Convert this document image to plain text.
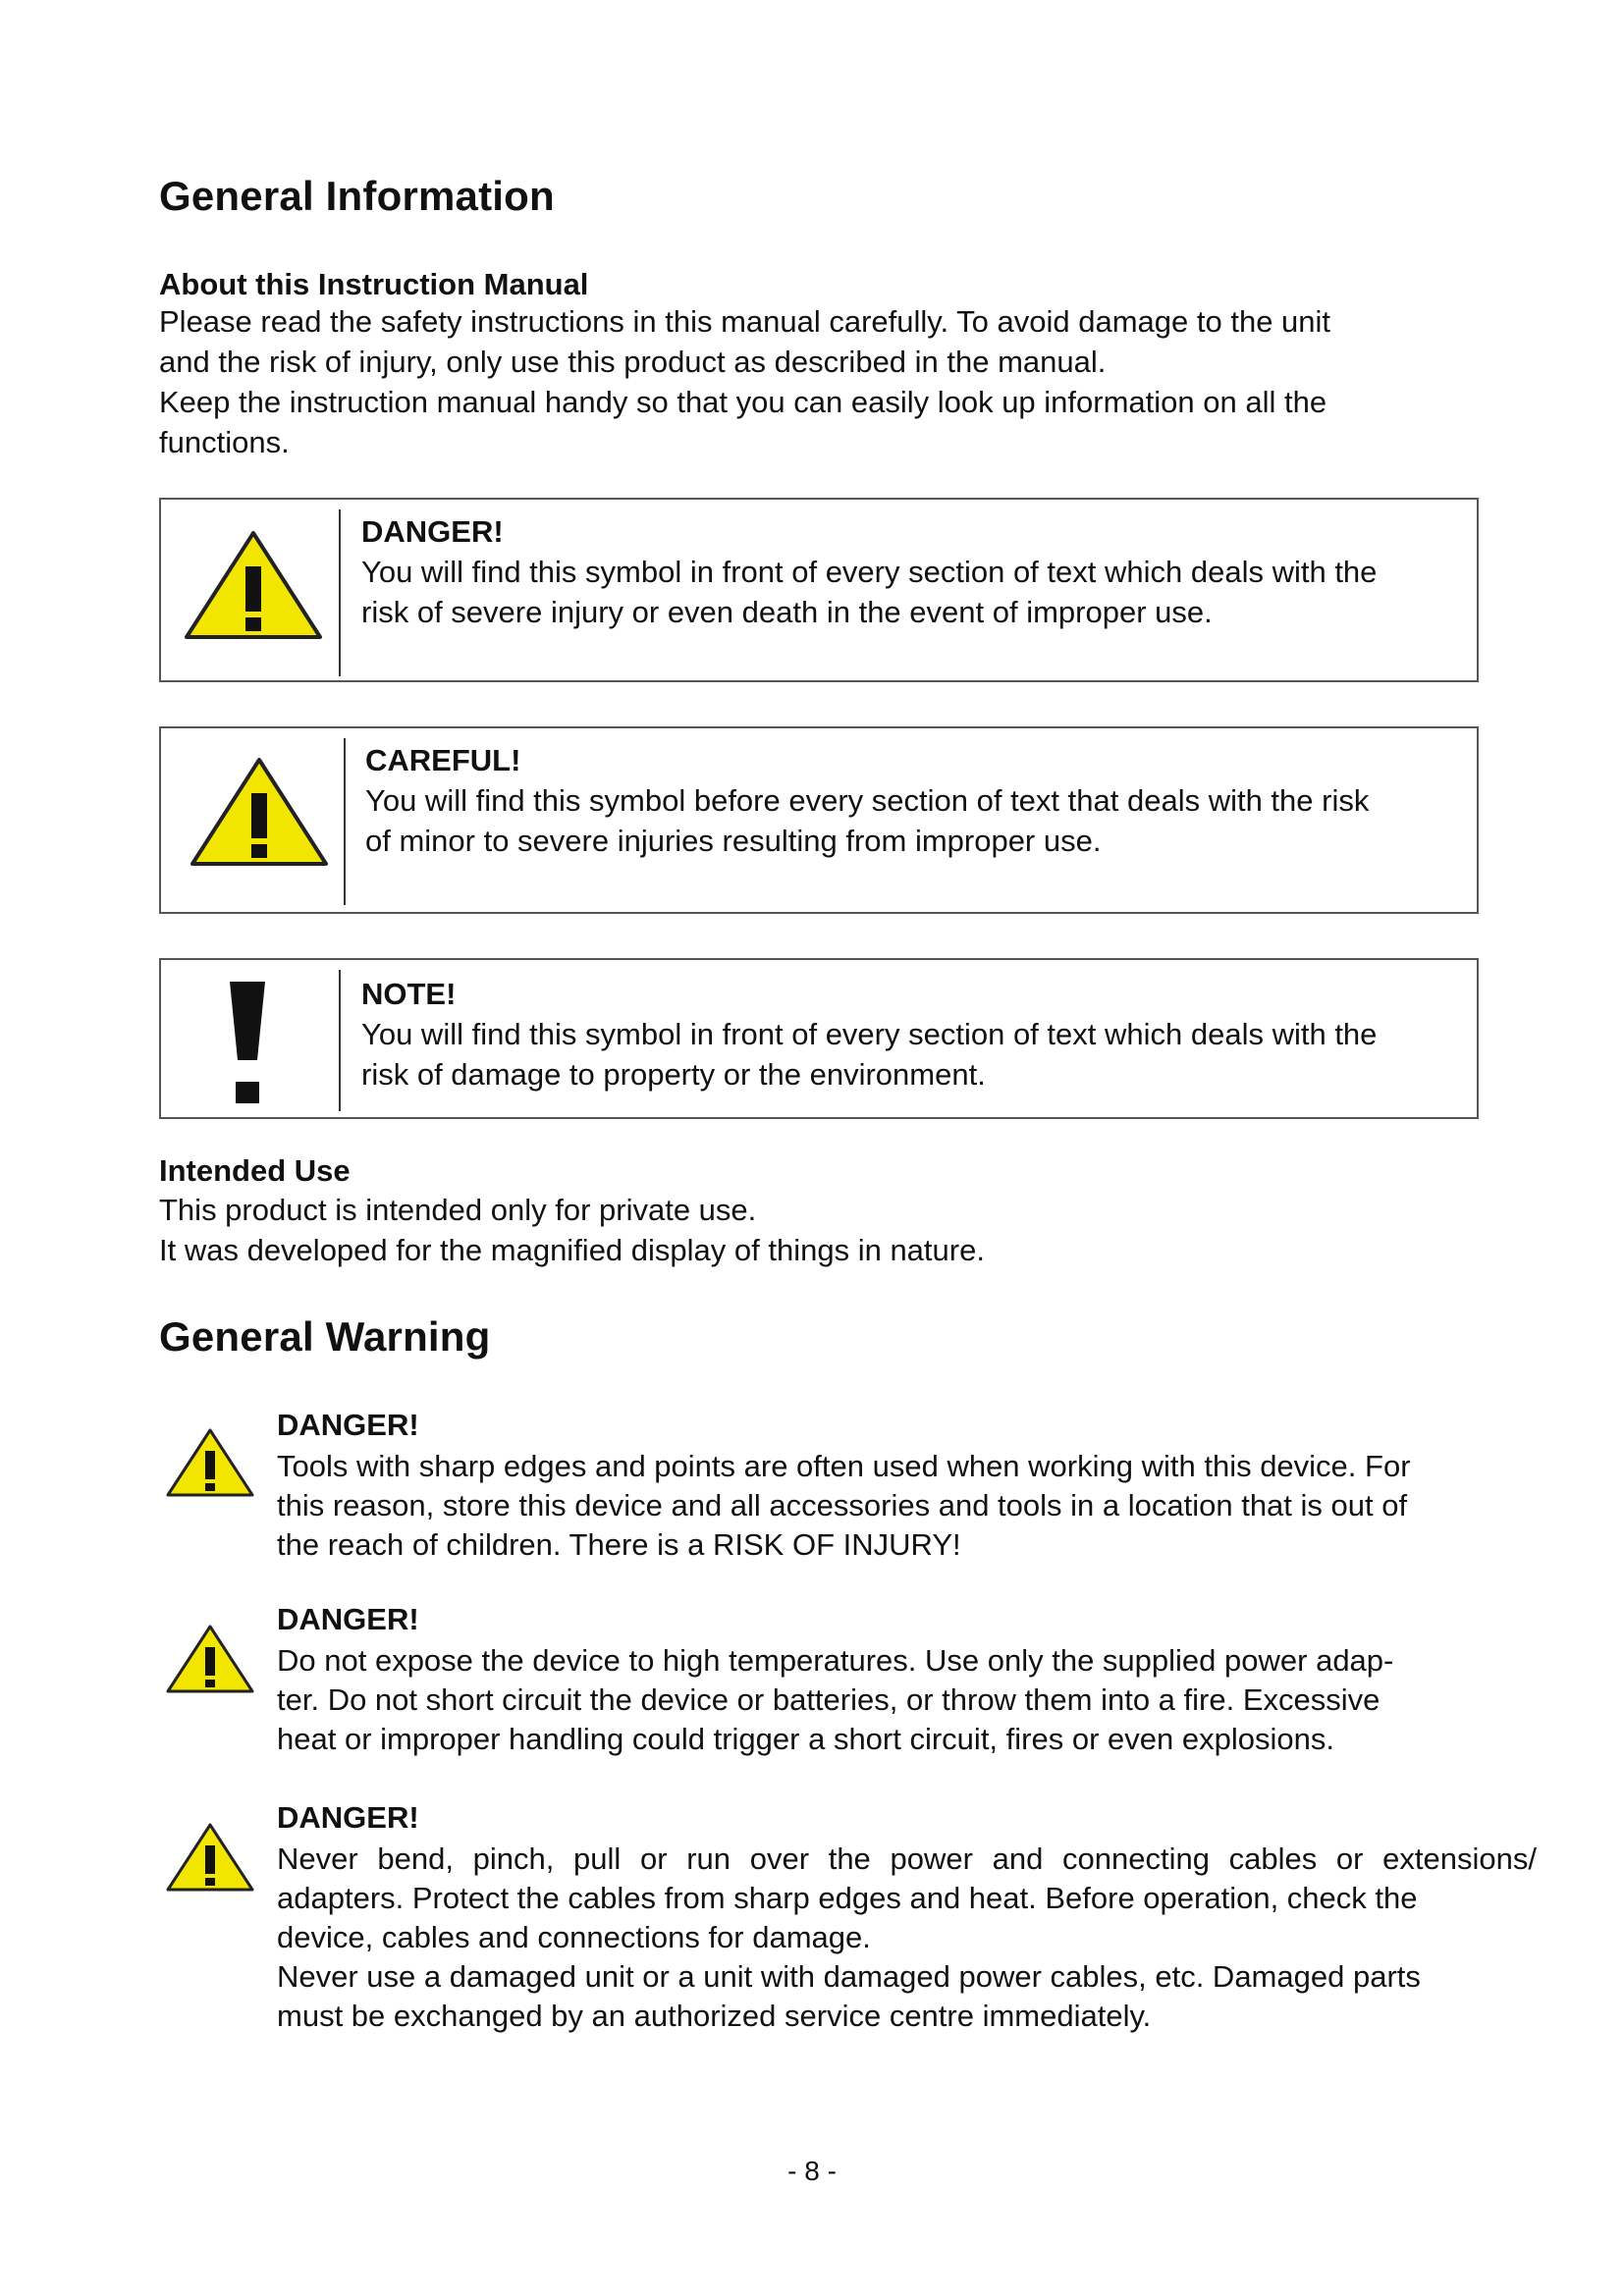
General Information
About this Instruction Manual

Please read the safety instructions in this manual carefully. To avoid damage to the unit

and the risk of injury, only use this product as described in the manual.

Keep the instruction manual handy so that you can easily look up information on all the

functions.

DANGER!
You will find this symbol in front of every section of text which deals with the
risk of severe injury or even death in the event of improper use.
CAREFUL!
You will find this symbol before every section of text that deals with the risk
of minor to severe injuries resulting from improper use.
NOTE!
You will find this symbol in front of every section of text which deals with the
risk of damage to property or the environment.
Intended Use

This product is intended only for private use.

It was developed for the magnified display of things in nature.

General Warning
DANGER!

Tools with sharp edges and points are often used when working with this device. For

this reason, store this device and all accessories and tools in a location that is out of

the reach of children. There is a RISK OF INJURY!

DANGER!

Do not expose the device to high temperatures. Use only the supplied power adap-

ter. Do not short circuit the device or batteries, or throw them into a fire. Excessive

heat or improper handling could trigger a short circuit, fires or even explosions.

DANGER!

Never bend, pinch, pull or run over the power and connecting cables or extensions/

adapters. Protect the cables from sharp edges and heat. Before operation, check the

device, cables and connections for damage.

Never use a damaged unit or a unit with damaged power cables, etc. Damaged parts

must be exchanged by an authorized service centre immediately.

- 8 -
